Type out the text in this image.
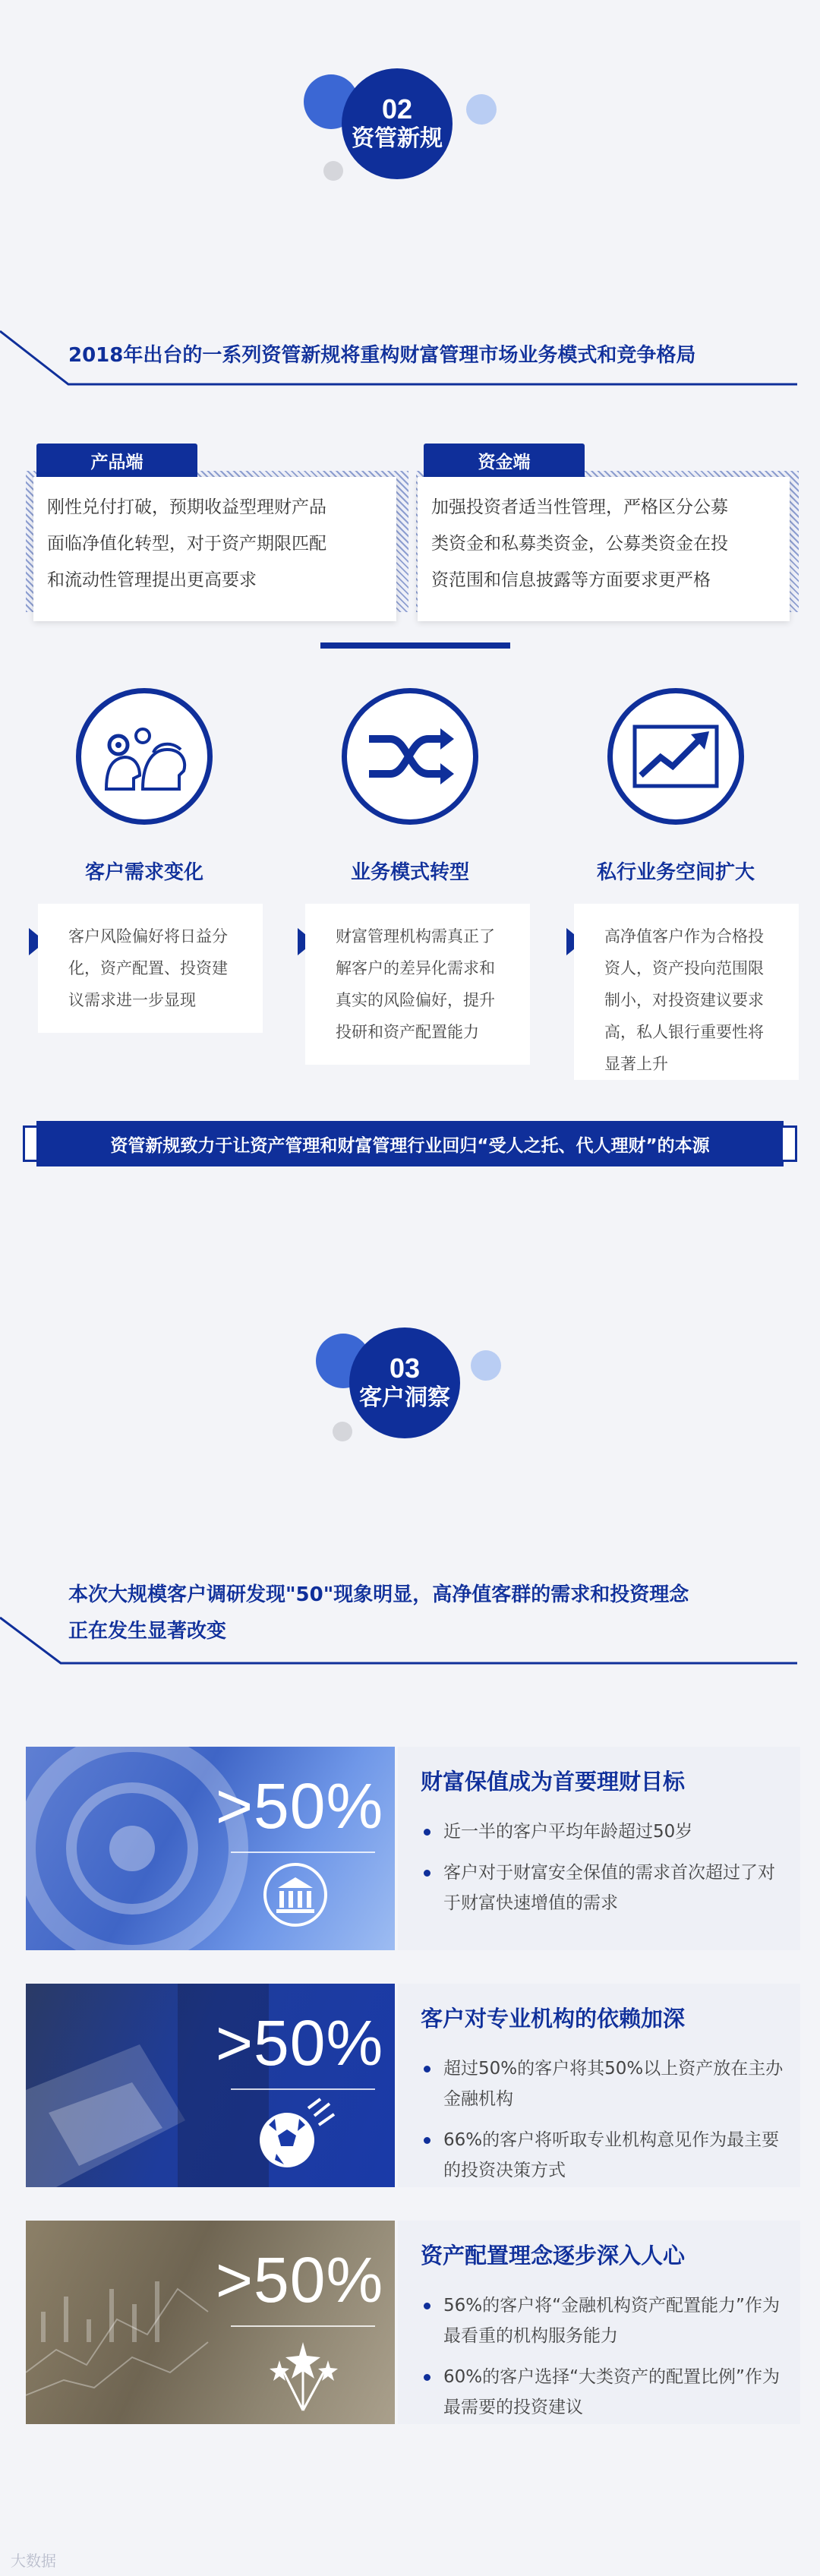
02
资管新规
2018年出台的一系列资管新规将重构财富管理市场业务模式和竞争格局
产品端
刚性兑付打破，预期收益型理财产品
面临净值化转型，对于资产期限匹配
和流动性管理提出更高要求
资金端
加强投资者适当性管理，严格区分公募
类资金和私募类资金，公募类资金在投
资范围和信息披露等方面要求更严格
客户需求变化	业务模式转型	私行业务空间扩大
客户风险偏好将日益分
化，资产配置、投资建
议需求进一步显现
财富管理机构需真正了
解客户的差异化需求和
真实的风险偏好，提升
投研和资产配置能力
高净值客户作为合格投
资人，资产投向范围限
制小，对投资建议要求
高，私人银行重要性将
显著上升
资管新规致力于让资产管理和财富管理行业回归“受人之托、代人理财”的本源
03
客户洞察
本次大规模客户调研发现"50"现象明显，高净值客群的需求和投资理念
正在发生显著改变
>50% 财富保值成为首要理财目标
近一半的客户平均年龄超过50岁
客户对于财富安全保值的需求首次超过了对于财富快速增值的需求
>50% 客户对专业机构的依赖加深
超过50%的客户将其50%以上资产放在主办金融机构
66%的客户将听取专业机构意见作为最主要的投资决策方式
>50% 资产配置理念逐步深入人心
56%的客户将“金融机构资产配置能力”作为最看重的机构服务能力
60%的客户选择“大类资产的配置比例”作为最需要的投资建议
大数据
